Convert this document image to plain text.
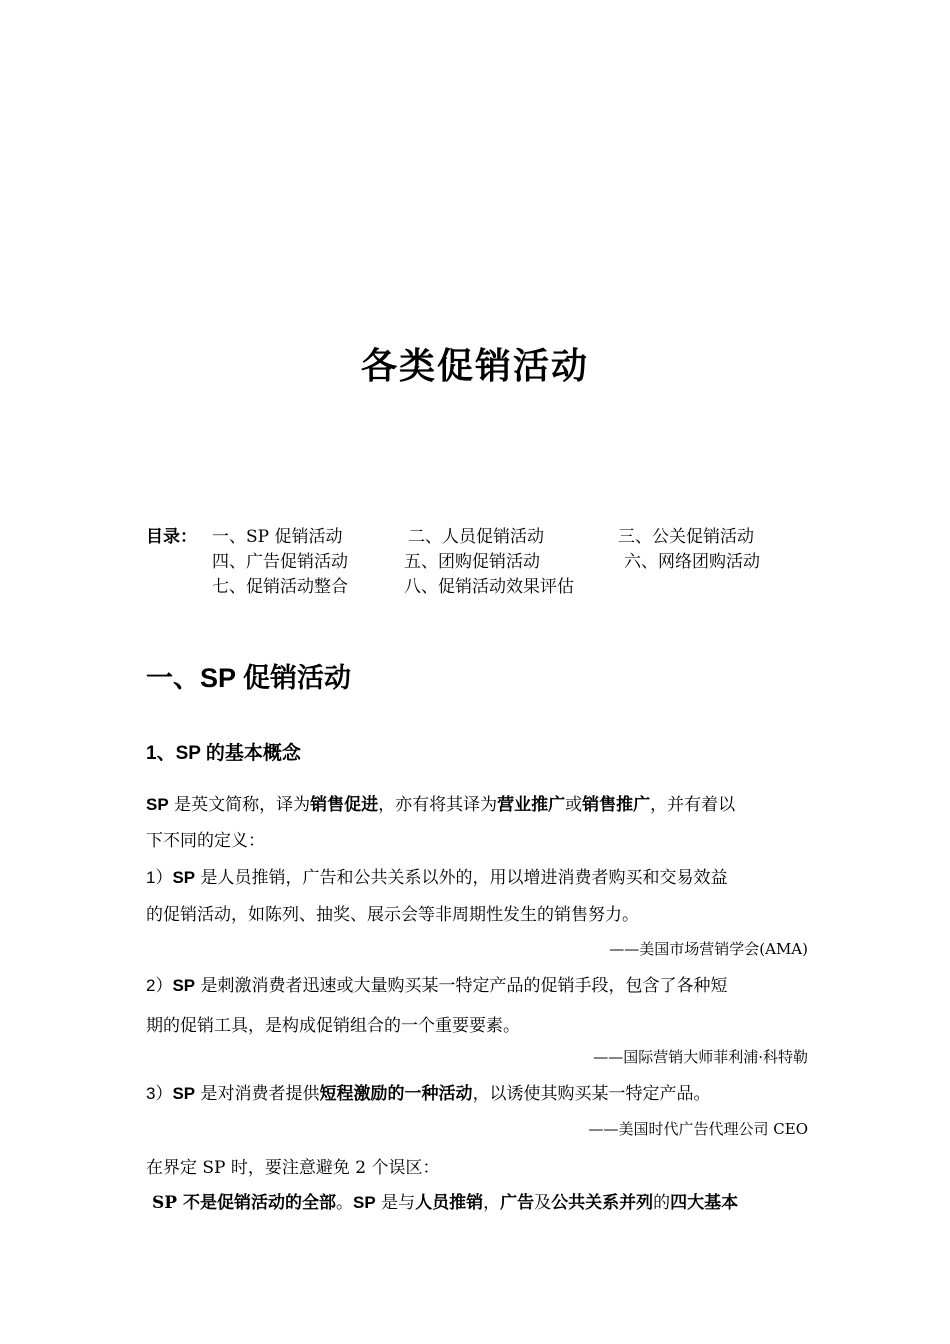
各类促销活动
目录： 一、SP 促销活动	二、人员促销活动	三、公关促销活动
四、广告促销活动	五、团购促销活动	六、网络团购活动
七、促销活动整合	八、促销活动效果评估
一、SP 促销活动
1、SP 的基本概念
SP 是英文简称，译为销售促进，亦有将其译为营业推广或销售推广，并有着以
下不同的定义：
1）SP 是人员推销，广告和公共关系以外的，用以增进消费者购买和交易效益
的促销活动，如陈列、抽奖、展示会等非周期性发生的销售努力。
——美国市场营销学会(AMA)
2）SP 是刺激消费者迅速或大量购买某一特定产品的促销手段，包含了各种短
期的促销工具，是构成促销组合的一个重要要素。
——国际营销大师菲利浦·科特勒
3）SP 是对消费者提供短程激励的一种活动，以诱使其购买某一特定产品。
——美国时代广告代理公司 CEO
在界定 SP 时，要注意避免 2 个误区：
SP 不是促销活动的全部。SP 是与人员推销，广告及公共关系并列的四大基本
